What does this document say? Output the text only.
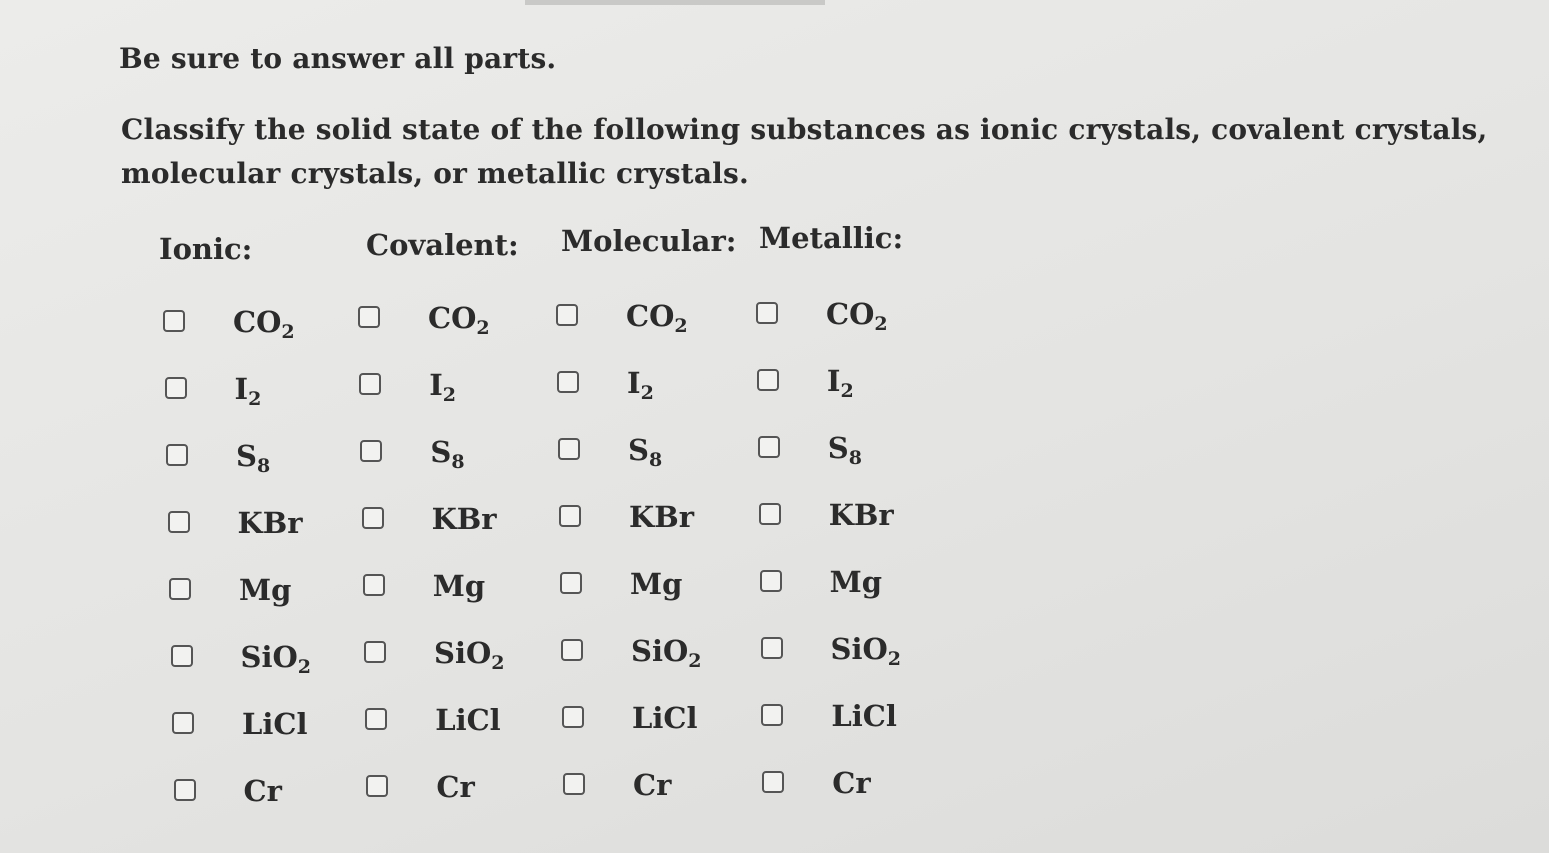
Be sure to answer all parts.
Classify the solid state of the following substances as ionic crystals, covalent crystals, molecular crystals, or metallic crystals.
Ionic:	Covalent: Molecular: Metallic:
$CO_2$
$I_2$
$S_8$
KBr
Mg
SiO$_2$
LiCl
Cr
$CO_2$
$I_2$
$S_8$
KBr
Mg
SiO$_2$
LiCl
Cr
$CO_2$
$I_2$
$S_8$
KBr
Mg
SiO$_2$
LiCl
Cr
$CO_2$
$I_2$
$S_8$
KBr
Mg
SiO$_2$
LiCl
Cr
